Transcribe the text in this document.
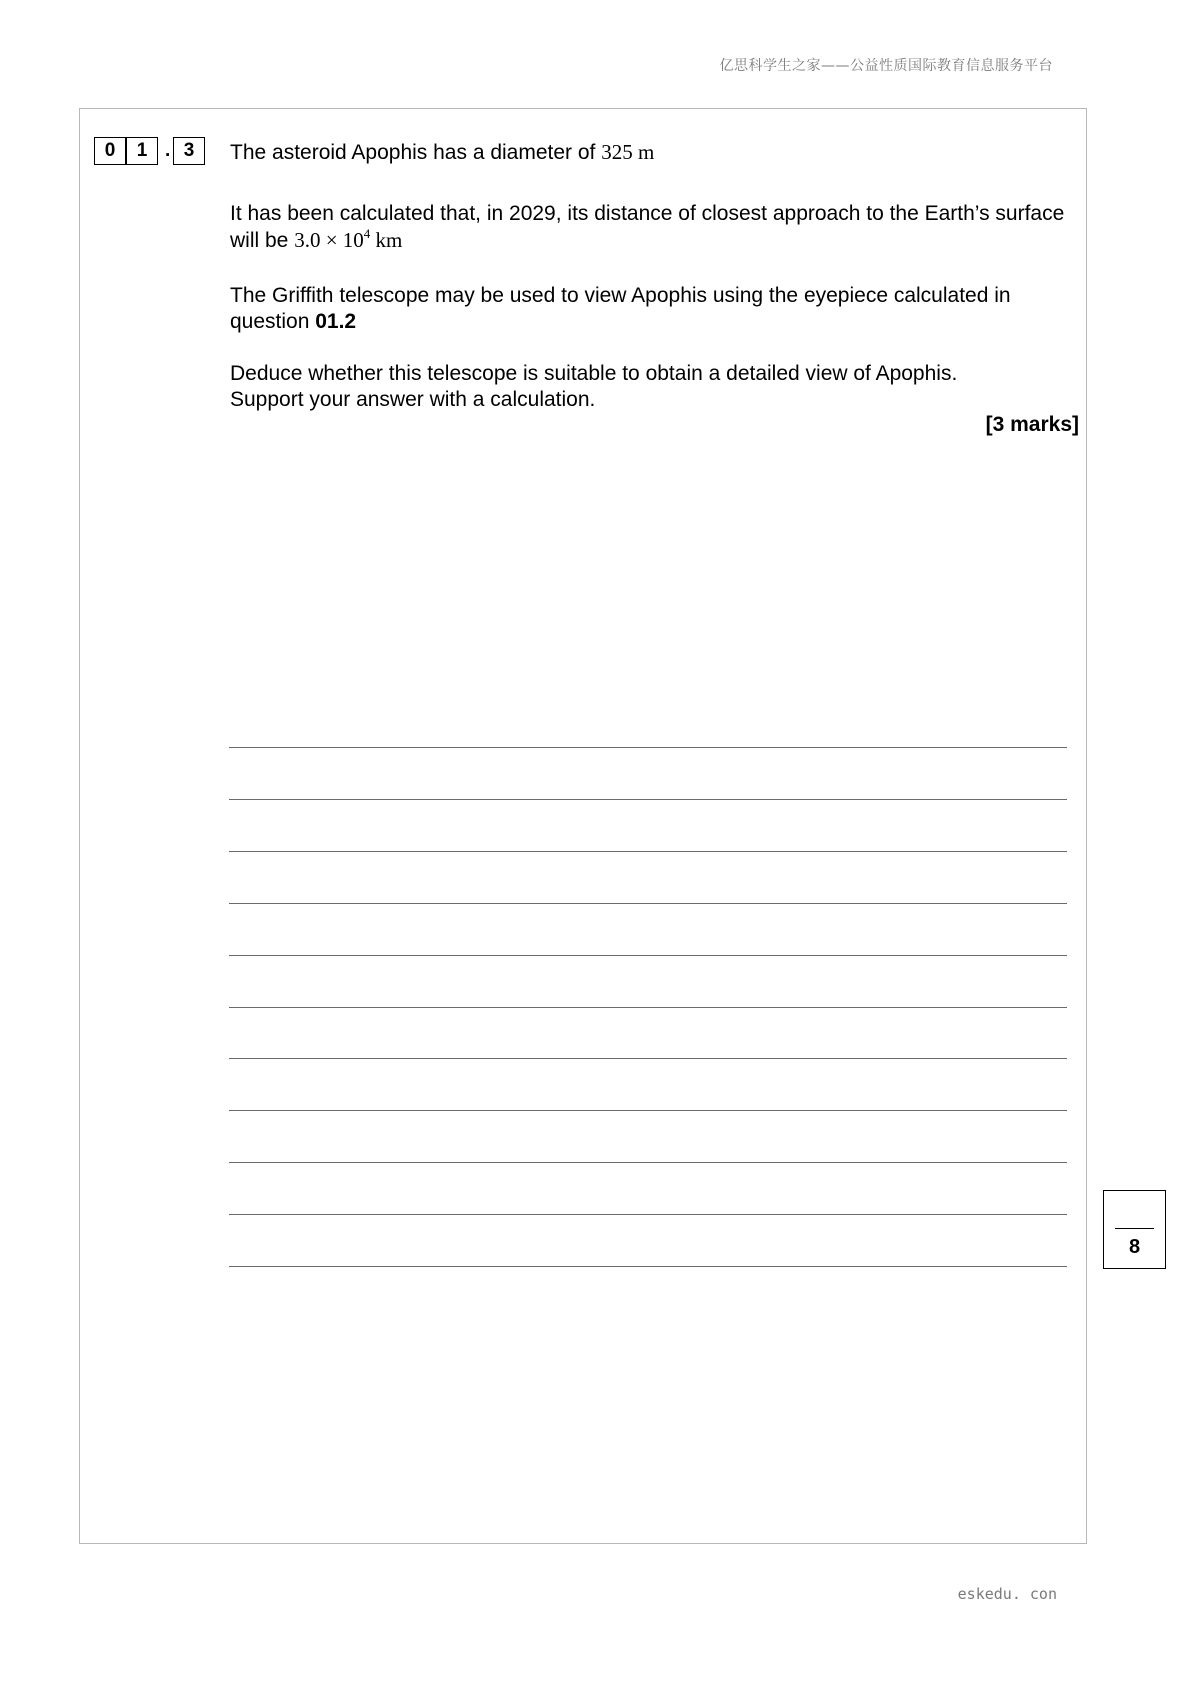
亿思科学生之家——公益性质国际教育信息服务平台
0	1 . 3	The asteroid Apophis has a diameter of 325 m

It has been calculated that, in 2029, its distance of closest approach to the Earth’s surface will be $3.0 \times 10^4$ km

The Griffith telescope may be used to view Apophis using the eyepiece calculated in question 01.2

Deduce whether this telescope is suitable to obtain a detailed view of Apophis.
Support your answer with a calculation.

[3 marks]
8
eskedu. con
